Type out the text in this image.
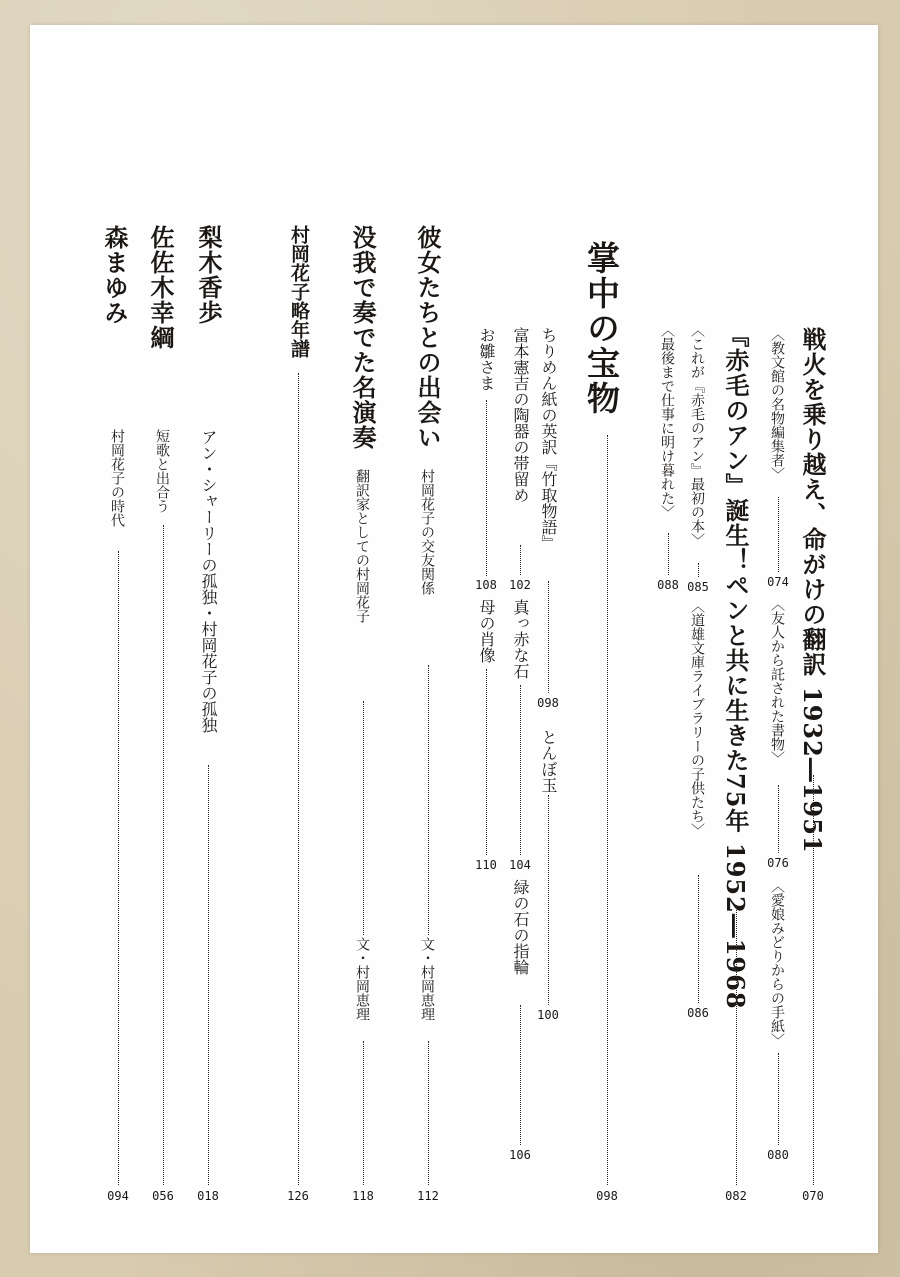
戦火を乗り越え、命がけの翻訳1932―1951
070
〈教文館の名物編集者〉
074
〈友人から託された書物〉
076
〈愛娘みどりからの手紙〉
080
『赤毛のアン』誕生！ペンと共に生きた75年1952―1968
082
〈これが『赤毛のアン』最初の本〉
085
〈道雄文庫ライブラリーの子供たち〉
086
〈最後まで仕事に明け暮れた〉
088
掌中の宝物
098
ちりめん紙の英訳『竹取物語』
098
とんぼ玉
100
富本憲吉の陶器の帯留め
102
真っ赤な石
104
緑の石の指輪
106
お雛さま
108
母の肖像
110
彼女たちとの出会い
村岡花子の交友関係
文・村岡恵理
112
没我で奏でた名演奏
翻訳家としての村岡花子
文・村岡恵理
118
村岡花子略年譜
126
梨木香歩
アン・シャーリーの孤独・村岡花子の孤独
018
佐佐木幸綱
短歌と出合う
056
森まゆみ
村岡花子の時代
094
